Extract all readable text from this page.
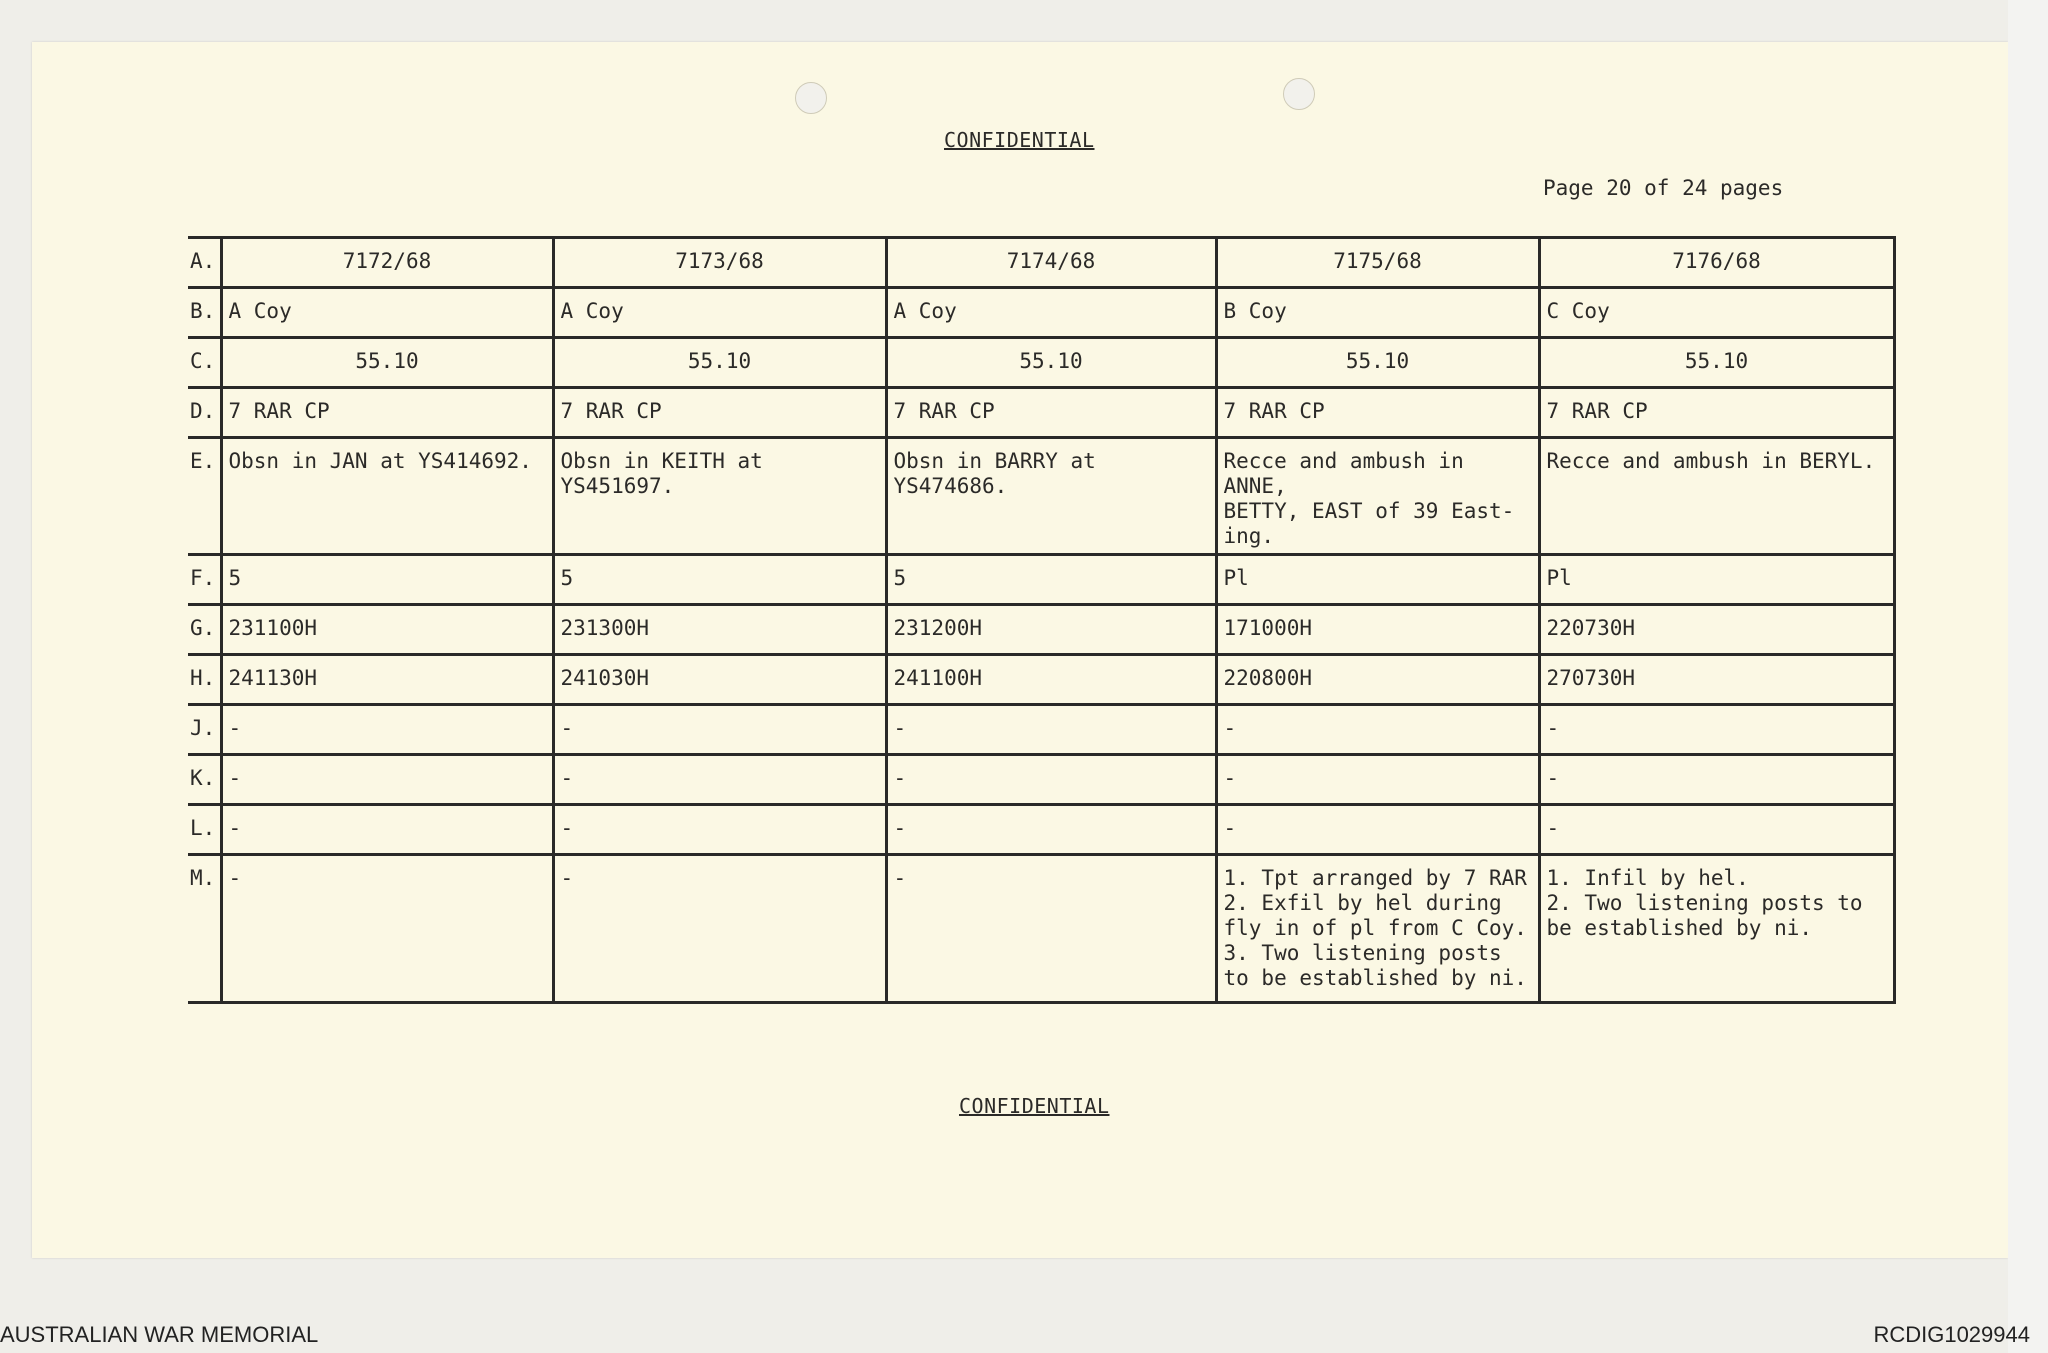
CONFIDENTIAL
Page 20 of 24 pages
A.	7172/68	7173/68	7174/68	7175/68	7176/68
B.	A Coy	A Coy	A Coy	B Coy	C Coy
C.	55.10	55.10	55.10	55.10	55.10
D.	7 RAR CP	7 RAR CP	7 RAR CP	7 RAR CP	7 RAR CP
E.	Obsn in JAN at YS414692.	Obsn in KEITH at YS451697.	Obsn in BARRY at YS474686.	Recce and ambush in ANNE,
BETTY, EAST of 39 East-
ing.	Recce and ambush in BERYL.
F.	5	5	5	Pl	Pl
G.	231100H	231300H	231200H	171000H	220730H
H.	241130H	241030H	241100H	220800H	270730H
J.	-	-	-	-	-
K.	-	-	-	-	-
L.	-	-	-	-	-
M.	-	-	-	1. Tpt arranged by 7 RAR
2. Exfil by hel during
fly in of pl from C Coy.
3. Two listening posts
to be established by ni.	1. Infil by hel.
2. Two listening posts to
be established by ni.
CONFIDENTIAL
AUSTRALIAN WAR MEMORIAL	RCDIG1029944
